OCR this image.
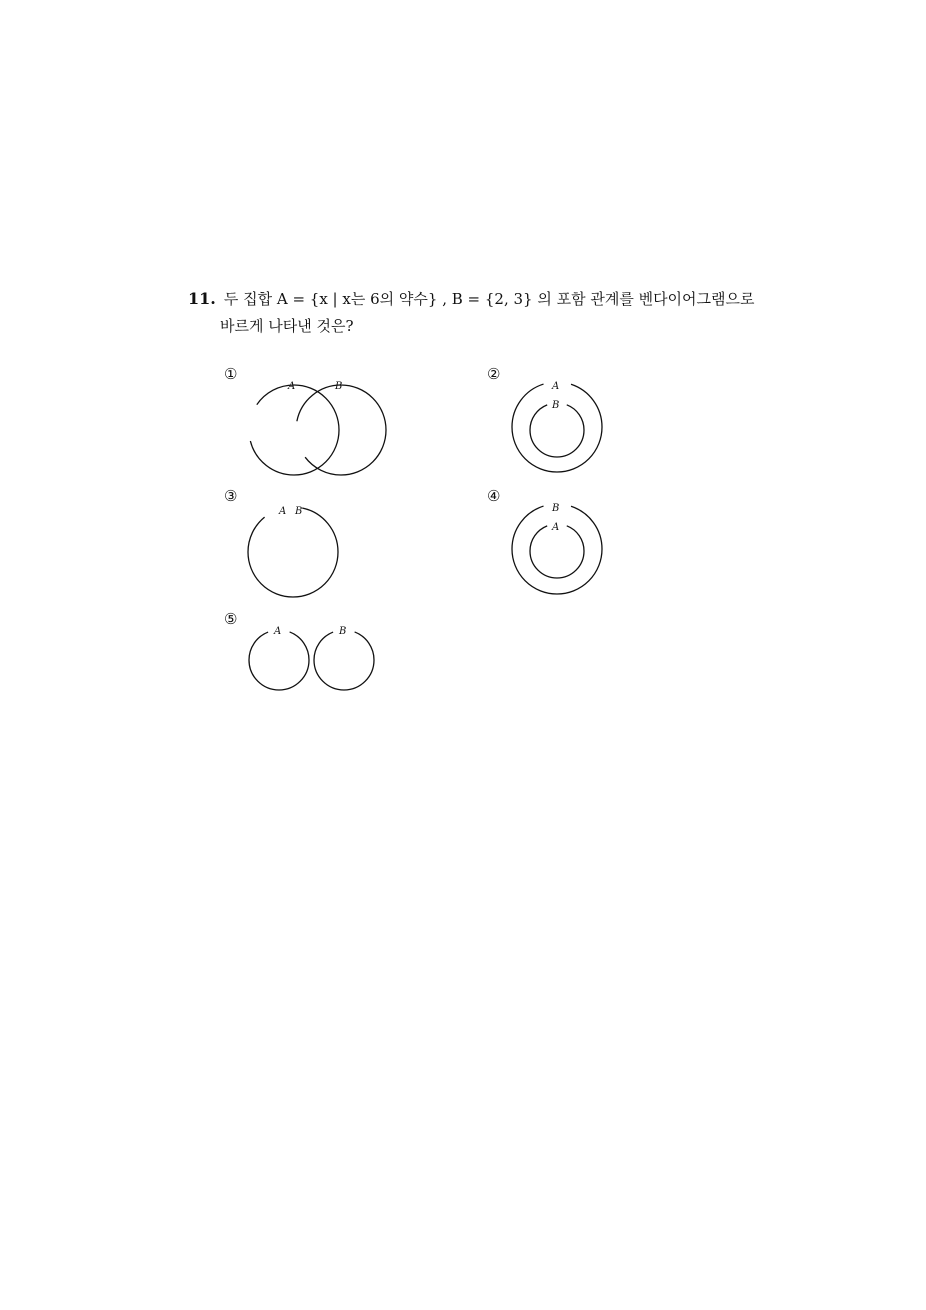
11. 두 집합 A = {x | x는 6의 약수} , B = {2, 3} 의 포함 관계를 벤다이어그램으로
바르게 나타낸 것은?
①	②
③	④
⑤
A	B	A
B
A B	B
A
A	B
